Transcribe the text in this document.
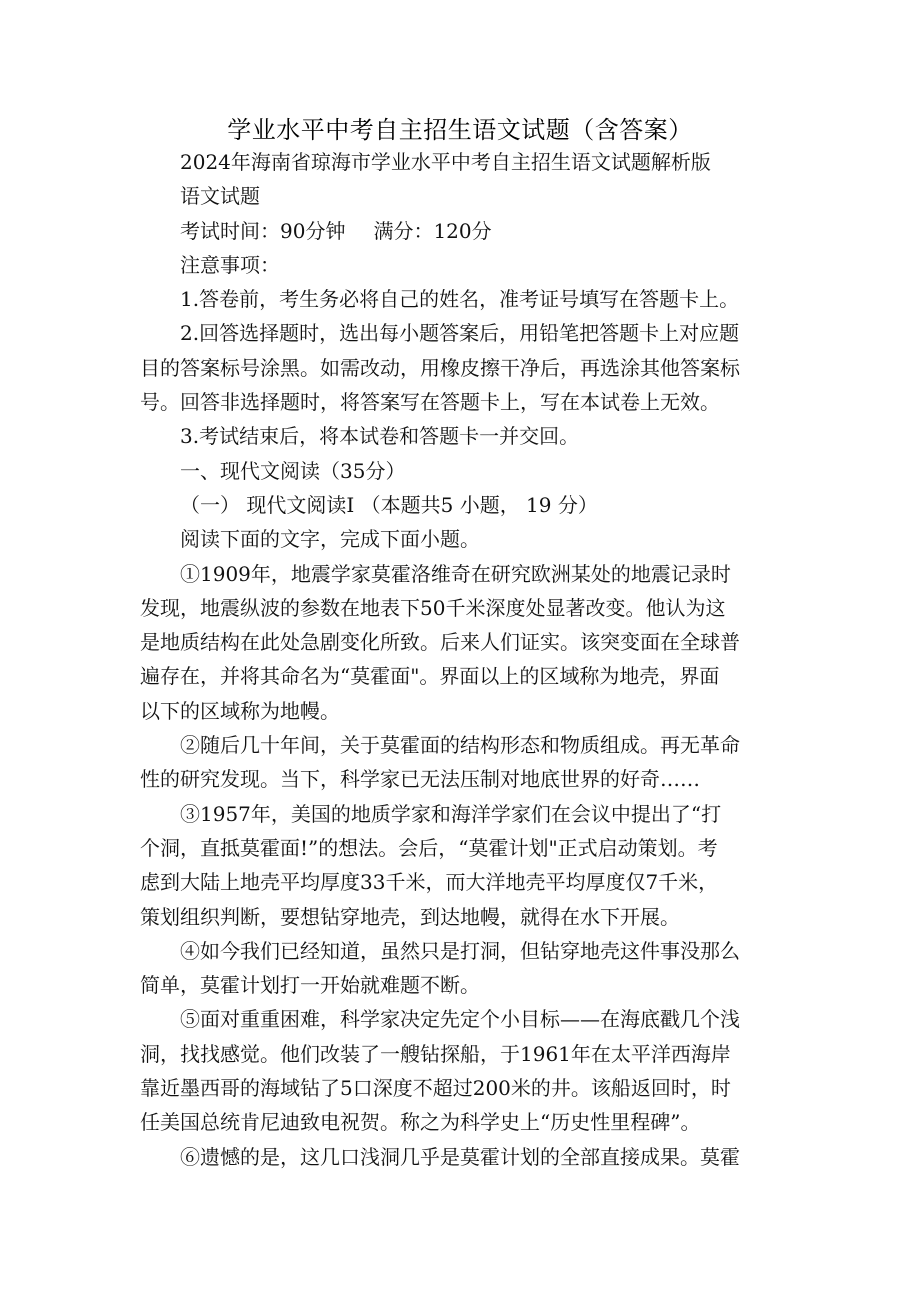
学业水平中考自主招生语文试题（含答案）
2024年海南省琼海市学业水平中考自主招生语文试题解析版
语文试题
考试时间：90分钟 满分：120分
注意事项：
1.答卷前，考生务必将自己的姓名，准考证号填写在答题卡上。
2.回答选择题时，选出每小题答案后，用铅笔把答题卡上对应题
目的答案标号涂黑。如需改动，用橡皮擦干净后，再选涂其他答案标
号。回答非选择题时，将答案写在答题卡上，写在本试卷上无效。
3.考试结束后，将本试卷和答题卡一并交回。
一、现代文阅读（35分）
（一） 现代文阅读Ⅰ （本题共5 小题， 19 分）
阅读下面的文字，完成下面小题。
①1909年，地震学家莫霍洛维奇在研究欧洲某处的地震记录时
发现，地震纵波的参数在地表下50千米深度处显著改变。他认为这
是地质结构在此处急剧变化所致。后来人们证实。该突变面在全球普
遍存在，并将其命名为“莫霍面"。界面以上的区域称为地壳，界面
以下的区域称为地幔。
②随后几十年间，关于莫霍面的结构形态和物质组成。再无革命
性的研究发现。当下，科学家已无法压制对地底世界的好奇……
③1957年，美国的地质学家和海洋学家们在会议中提出了“打
个洞，直抵莫霍面!”的想法。会后，“莫霍计划"正式启动策划。考
虑到大陆上地壳平均厚度33千米，而大洋地壳平均厚度仅7千米，
策划组织判断，要想钻穿地壳，到达地幔，就得在水下开展。
④如今我们已经知道，虽然只是打洞，但钻穿地壳这件事没那么
简单，莫霍计划打一开始就难题不断。
⑤面对重重困难，科学家决定先定个小目标——在海底戳几个浅
洞，找找感觉。他们改装了一艘钻探船，于1961年在太平洋西海岸
靠近墨西哥的海域钻了5口深度不超过200米的井。该船返回时，时
任美国总统肯尼迪致电祝贺。称之为科学史上“历史性里程碑”。
⑥遗憾的是，这几口浅洞几乎是莫霍计划的全部直接成果。莫霍
